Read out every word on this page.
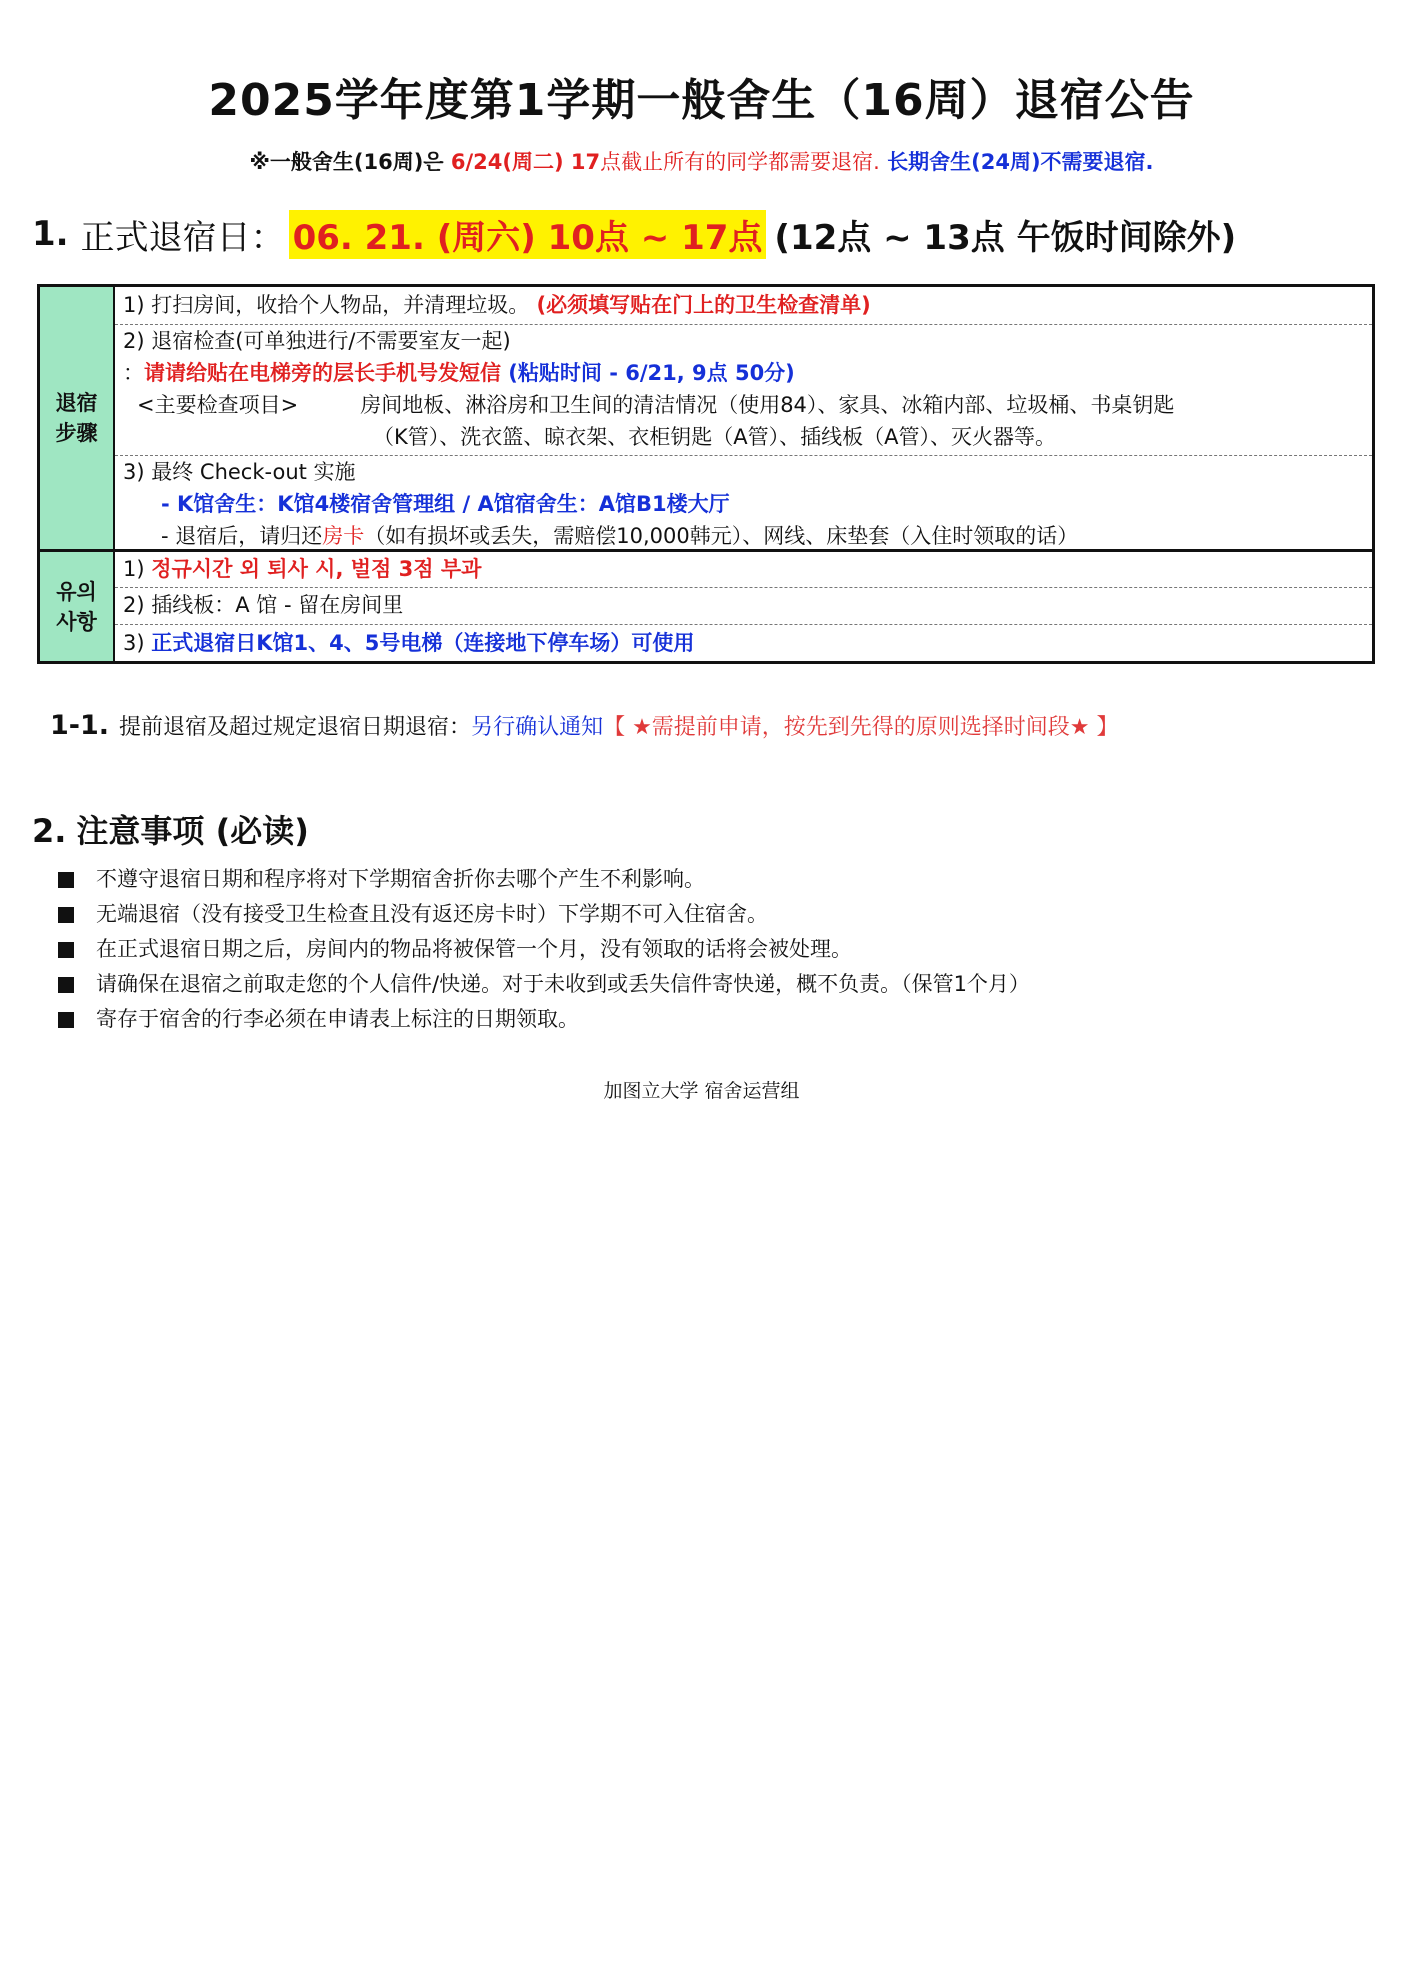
2025学年度第1学期一般舍生（16周）退宿公告
※一般舍生(16周)은 6/24(周二) 17点截止所有的同学都需要退宿. 长期舍生(24周)不需要退宿.
1. 正式退宿日： 06. 21. (周六) 10点 ~ 17点 (12点 ~ 13点 午饭时间除外)
退宿步骤
1) 打扫房间，收拾个人物品，并清理垃圾。 (必须填写贴在门上的卫生检查清单)
2) 退宿检查(可单独进行/不需要室友一起)
：请请给贴在电梯旁的层长手机号发短信 (粘贴时间 - 6/21, 9点 50分)
<主要检查项目>	房间地板、淋浴房和卫生间的清洁情况（使用84）、家具、冰箱内部、垃圾桶、书桌钥匙
（K管）、洗衣篮、晾衣架、衣柜钥匙（A管）、插线板（A管）、灭火器等。
3) 最终 Check-out 实施
- K馆舍生：K馆4楼宿舍管理组 / A馆宿舍生：A馆B1楼大厅
- 退宿后，请归还房卡（如有损坏或丢失，需赔偿10,000韩元）、网线、床垫套（入住时领取的话）
유의사항
1) 정규시간 외 퇴사 시, 벌점 3점 부과
2) 插线板：A 馆 - 留在房间里
3) 正式退宿日K馆1、4、5号电梯（连接地下停车场）可使用
1-1. 提前退宿及超过规定退宿日期退宿：另行确认通知【 ★需提前申请，按先到先得的原则选择时间段★ 】
2. 注意事项 (必读)
不遵守退宿日期和程序将对下学期宿舍折你去哪个产生不利影响。
无端退宿（没有接受卫生检查且没有返还房卡时）下学期不可入住宿舍。
在正式退宿日期之后，房间内的物品将被保管一个月，没有领取的话将会被处理。
请确保在退宿之前取走您的个人信件/快递。对于未收到或丢失信件寄快递，概不负责。（保管1个月）
寄存于宿舍的行李必须在申请表上标注的日期领取。
加图立大学 宿舍运营组
